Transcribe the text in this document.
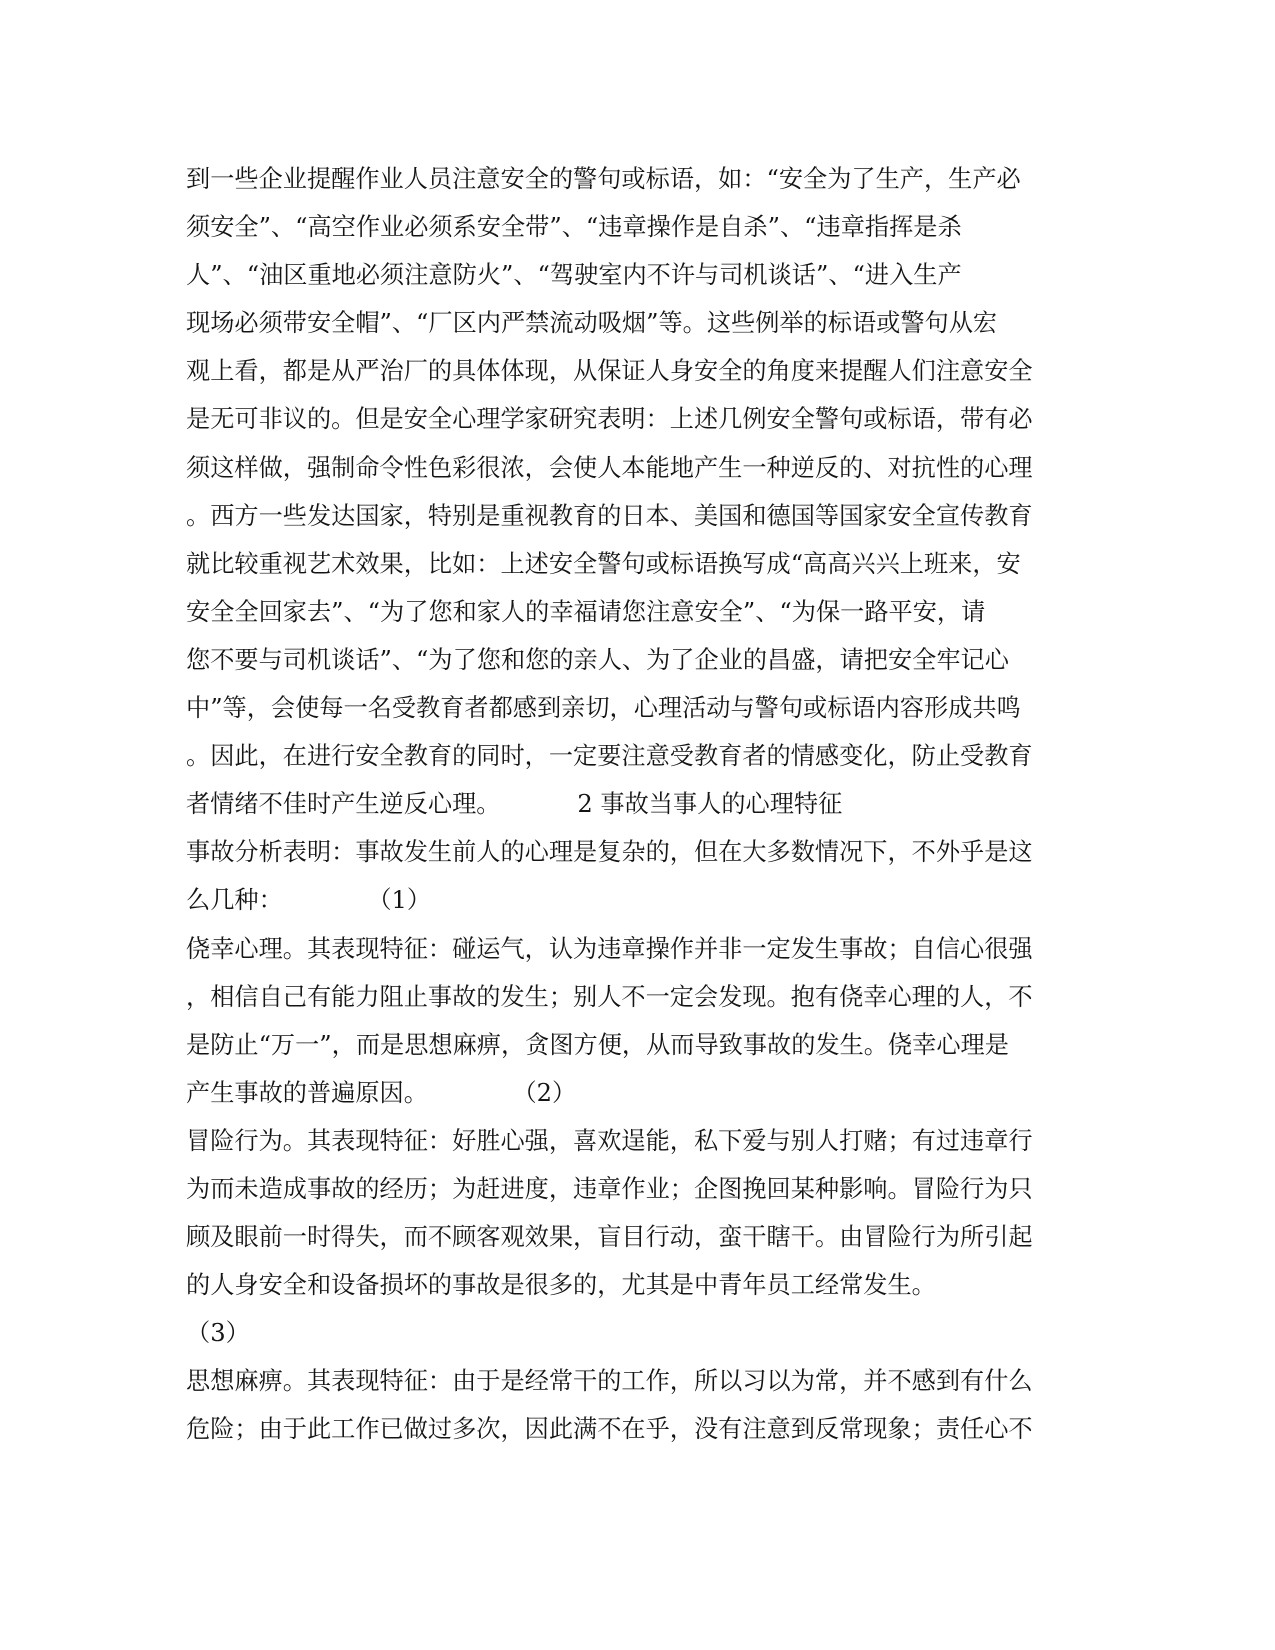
到一些企业提醒作业人员注意安全的警句或标语，如：“安全为了生产，生产必
须安全”、“高空作业必须系安全带”、“违章操作是自杀”、“违章指挥是杀
人”、“油区重地必须注意防火”、“驾驶室内不许与司机谈话”、“进入生产
现场必须带安全帽”、“厂区内严禁流动吸烟”等。这些例举的标语或警句从宏
观上看，都是从严治厂的具体体现，从保证人身安全的角度来提醒人们注意安全
是无可非议的。但是安全心理学家研究表明：上述几例安全警句或标语，带有必
须这样做，强制命令性色彩很浓，会使人本能地产生一种逆反的、对抗性的心理
。西方一些发达国家，特别是重视教育的日本、美国和德国等国家安全宣传教育
就比较重视艺术效果，比如：上述安全警句或标语换写成“高高兴兴上班来，安
安全全回家去”、“为了您和家人的幸福请您注意安全”、“为保一路平安，请
您不要与司机谈话”、“为了您和您的亲人、为了企业的昌盛，请把安全牢记心
中”等，会使每一名受教育者都感到亲切，心理活动与警句或标语内容形成共鸣
。因此，在进行安全教育的同时，一定要注意受教育者的情感变化，防止受教育
者情绪不佳时产生逆反心理。          2 事故当事人的心理特征
事故分析表明：事故发生前人的心理是复杂的，但在大多数情况下，不外乎是这
么几种：           （1）
侥幸心理。其表现特征：碰运气，认为违章操作并非一定发生事故；自信心很强
，相信自己有能力阻止事故的发生；别人不一定会发现。抱有侥幸心理的人，不
是防止“万一”，而是思想麻痹，贪图方便，从而导致事故的发生。侥幸心理是
产生事故的普遍原因。           （2）
冒险行为。其表现特征：好胜心强，喜欢逞能，私下爱与别人打赌；有过违章行
为而未造成事故的经历；为赶进度，违章作业；企图挽回某种影响。冒险行为只
顾及眼前一时得失，而不顾客观效果，盲目行动，蛮干瞎干。由冒险行为所引起
的人身安全和设备损坏的事故是很多的，尤其是中青年员工经常发生。
（3）
思想麻痹。其表现特征：由于是经常干的工作，所以习以为常，并不感到有什么
危险；由于此工作已做过多次，因此满不在乎，没有注意到反常现象；责任心不
